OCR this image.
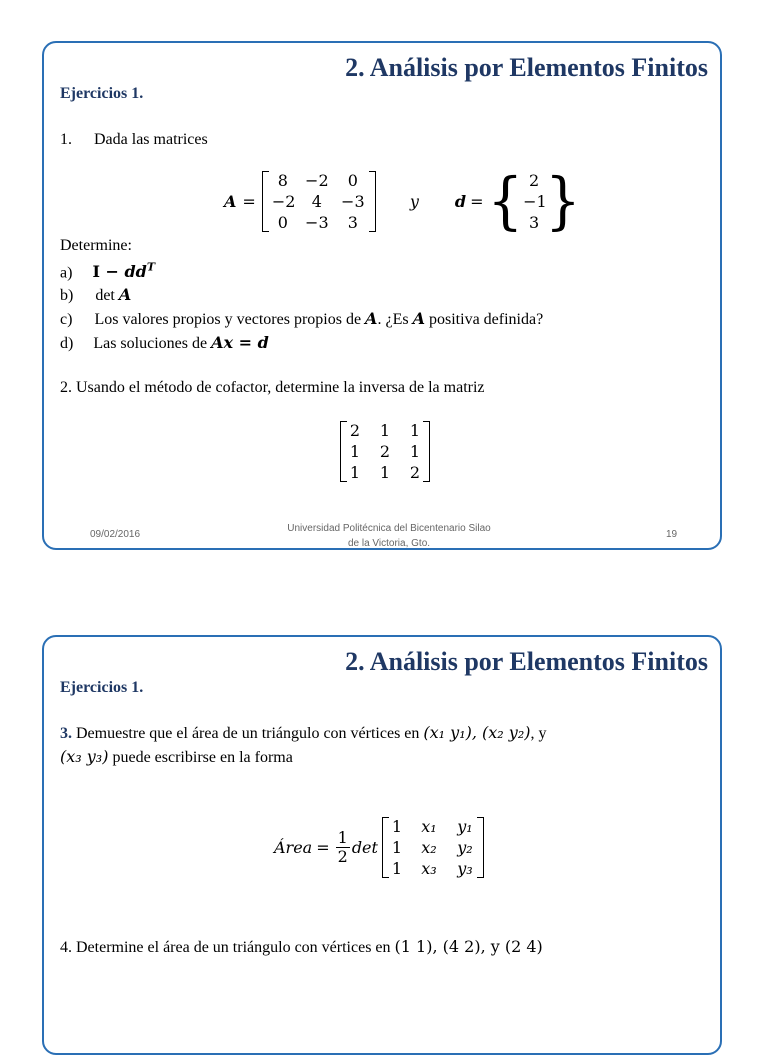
2. Análisis por Elementos Finitos
Ejercicios 1.
1. Dada las matrices
A =
8	−2	0
−2	4	−3
0	−3	3
y d = { 2
−1
3 }
Determine:
a) $I - dd^T$
b) det A
c) Los valores propios y vectores propios de A. ¿Es A positiva definida?
d) Las soluciones de Ax = d
2. Usando el método de cofactor, determine la inversa de la matriz
2 1 1
1 2 1
1 1 2
09/02/2016
Universidad Politécnica del Bicentenario Silao
de la Victoria, Gto.
19
2. Análisis por Elementos Finitos
Ejercicios 1.
3. Demuestre que el área de un triángulo con vértices en (x₁ y₁), (x₂ y₂), y
(x₃ y₃) puede escribirse en la forma
Área = $\frac{1}{2}$ det
1 x₁ y₁
1 x₂ y₂
1 x₃ y₃
4. Determine el área de un triángulo con vértices en (1 1), (4 2), y (2 4)
